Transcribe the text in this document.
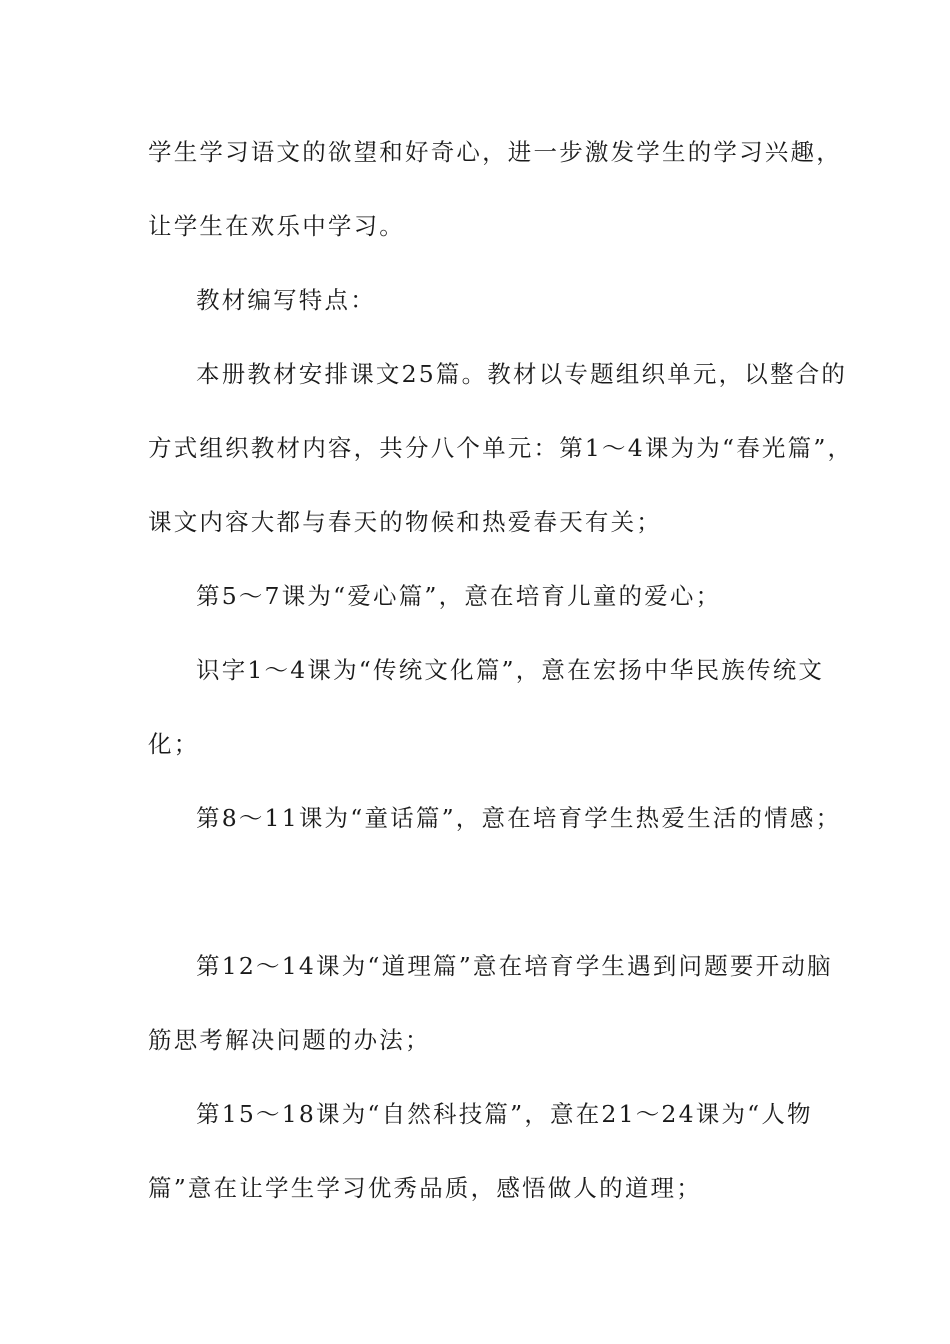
学生学习语文的欲望和好奇心，进一步激发学生的学习兴趣，
让学生在欢乐中学习。
教材编写特点：
本册教材安排课文25篇。教材以专题组织单元，以整合的
方式组织教材内容，共分八个单元：第1～4课为为“春光篇”，
课文内容大都与春天的物候和热爱春天有关；
第5～7课为“爱心篇”，意在培育儿童的爱心；
识字1～4课为“传统文化篇”，意在宏扬中华民族传统文
化；
第8～11课为“童话篇”，意在培育学生热爱生活的情感；
第12～14课为“道理篇”意在培育学生遇到问题要开动脑
筋思考解决问题的办法；
第15～18课为“自然科技篇”，意在21～24课为“人物
篇”意在让学生学习优秀品质，感悟做人的道理；
